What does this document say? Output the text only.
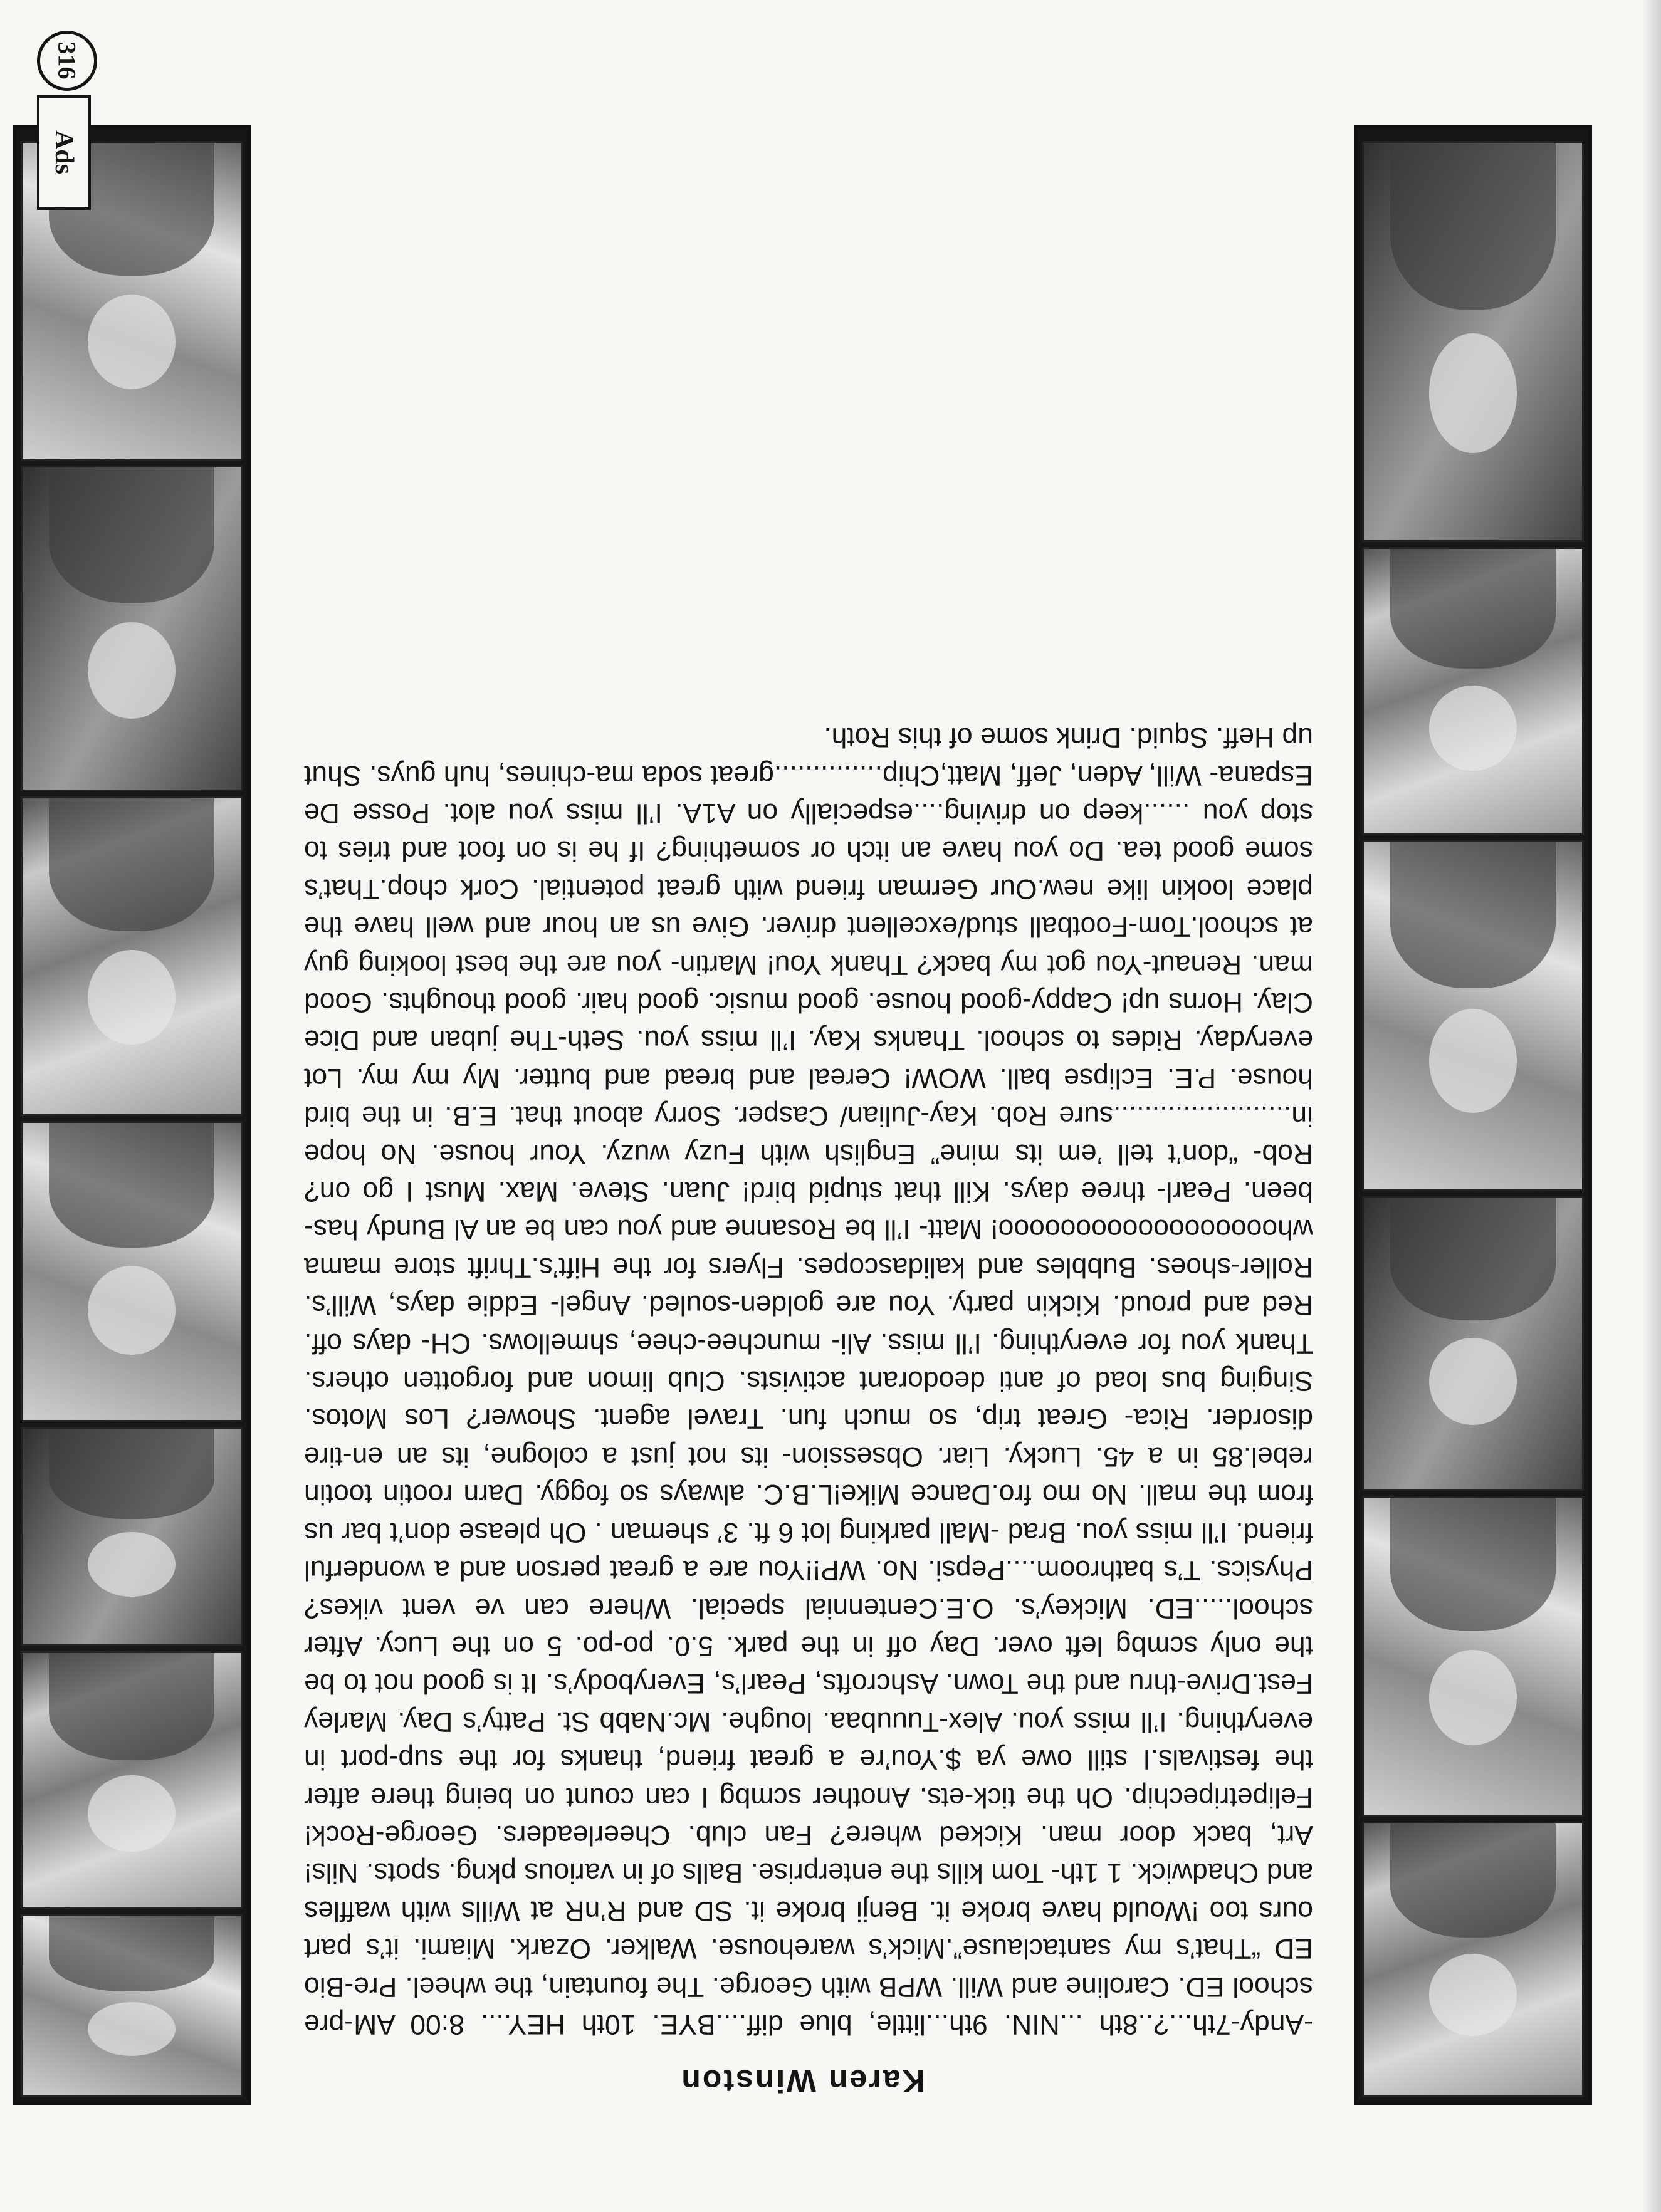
Karen Winston

-Andy-7th...?..8th ...NIN. 9th...little, blue diff....BYE. 10th HEY.... 8:00 AM-pre school ED. Caroline and Will. WPB with George. The fountain, the wheel. Pre-Bio ED “That’s my santaclause”.Mick’s warehouse. Walker. Ozark. Miami. it’s part ours too !Would have broke it. Benji broke it. SD and R’nR at Wills with waffles and Chadwick. 1 1th- Tom kills the enterprise. Balls of in various pkng. spots. Nils! Art, back door man. Kicked where? Fan club. Cheerleaders. George-Rock! Felipetripechip. Oh the tick-ets. Another scmbg I can count on being there after the festivals.I still owe ya $.You’re a great friend, thanks for the sup-port in everything. I’ll miss you. Alex-Tuuubaa. loughe. Mc.Nabb St. Patty’s Day. Marley Fest.Drive-thru and the Town. Ashcrofts, Pearl’s, Everybody’s. It is good not to be the only scmbg left over. Day off in the park. 5.0. po-po. 5 on the Lucy. After school.....ED. Mickey’s. O.E.Centennial special. Where can ve vent vikes? Physics. T’s bathroom....Pepsi. No. WP!!You are a great person and a wonderful friend. I’ll miss you. Brad -Mall parking lot 6 ft. 3’ sheman . Oh please don’t bar us from the mall. No mo fro.Dance Mike!L.B.C. always so foggy. Darn rootin tootin rebel.85 in a 45. Lucky. Liar. Obsession- its not just a cologne, its an en-tire disorder. Rica- Great trip, so much fun. Travel agent. Shower? Los Motos. Singing bus load of anti deodorant activists. Club limon and forgotten others. Thank you for everything. I’ll miss. Ali- munchee-chee, shmellows. CH- days off. Red and proud. Kickin party. You are golden-souled. Angel- Eddie days, Will’s. Roller-shoes. Bubbles and kalidascopes. Flyers for the Hift’s.Thrift store mama whoooooooooooooooooo! Matt- I’ll be Rosanne and you can be an Al Bundy has-been. Pearl- three days. Kill that stupid bird! Juan. Steve. Max. Must I go on? Rob- “don’t tell ’em its mine” English with Fuzy wuzy. Your house. No hope in.......................sure Rob. Kay-Julian/ Casper. Sorry about that. E.B. in the bird house. P.E. Eclipse ball. WOW! Cereal and bread and butter. My my my. Lot everyday. Rides to school. Thanks Kay. I’ll miss you. Seth-The juban and Dice Clay. Horns up! Cappy-good house. good music. good hair. good thoughts. Good man. Renaut-You got my back? Thank You! Martin- you are the best looking guy at school.Tom-Football stud/excellent driver. Give us an hour and well have the place lookin like new.Our German friend with great potential. Cork chop.That’s some good tea. Do you have an itch or something? If he is on foot and tries to stop you ......keep on driving....especially on A1A. I’ll miss you alot. Posse De Espana- Will, Aden, Jeff, Matt,Chip..............great soda ma-chines, huh guys. Shut up Heff. Squid. Drink some of this Roth.

Ads
316
